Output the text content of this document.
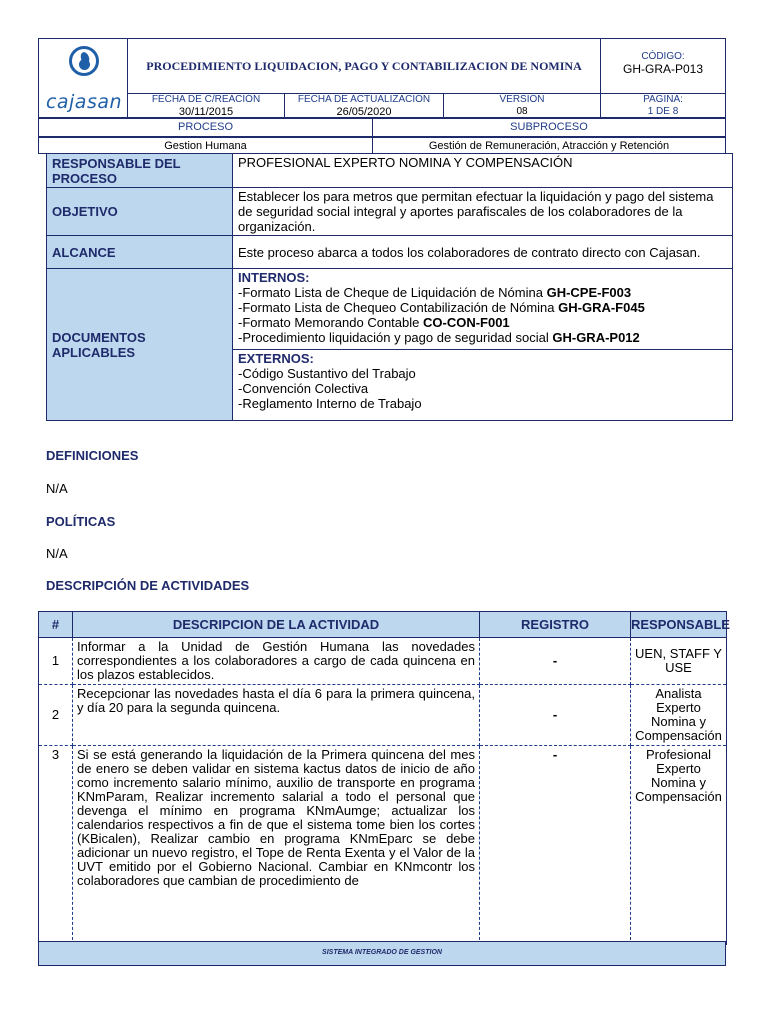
cajasan
PROCEDIMIENTO LIQUIDACION, PAGO Y CONTABILIZACION DE NOMINA
CÓDIGO:
GH-GRA-P013
FECHA DE C/REACIÓN
30/11/2015
FECHA DE ACTUALIZACIÓN
26/05/2020
VERSIÓN
08
PAGINA:
1 DE 8
PROCESO	SUBPROCESO
Gestion Humana	Gestión de Remuneración, Atracción y Retención
RESPONSABLE DEL PROCESO	PROFESIONAL EXPERTO NOMINA Y COMPENSACIÓN
OBJETIVO	Establecer los para metros que permitan efectuar la liquidación y pago del sistema de seguridad social integral y aportes parafiscales de los colaboradores de la organización.
ALCANCE	Este proceso abarca a todos los colaboradores de contrato directo con Cajasan.
DOCUMENTOS APLICABLES	INTERNOS:
-Formato Lista de Cheque de Liquidación de Nómina GH-CPE-F003
-Formato Lista de Chequeo Contabilización de Nómina GH-GRA-F045
-Formato Memorando Contable CO-CON-F001
-Procedimiento liquidación y pago de seguridad social GH-GRA-P012

	EXTERNOS:
-Código Sustantivo del Trabajo
-Convención Colectiva
-Reglamento Interno de Trabajo
DEFINICIONES
N/A
POLÍTICAS
N/A
DESCRIPCIÓN DE ACTIVIDADES
#	DESCRIPCION DE LA ACTIVIDAD	REGISTRO	RESPONSABLE
1	Informar a la Unidad de Gestión Humana las novedades correspondientes a los colaboradores a cargo de cada quincena en los plazos establecidos.	-	UEN, STAFF Y USE
2	Recepcionar las novedades hasta el día 6 para la primera quincena, y día 20 para la segunda quincena.	-	Analista Experto Nomina y Compensación
3	Si se está generando la liquidación de la Primera quincena del mes de enero se deben validar en sistema kactus datos de inicio de año como incremento salario mínimo, auxilio de transporte en programa KNmParam, Realizar incremento salarial a todo el personal que devenga el mínimo en programa KNmAumge; actualizar los calendarios respectivos a fin de que el sistema tome bien los cortes (KBicalen), Realizar cambio en programa KNmEparc se debe adicionar un nuevo registro, el Tope de Renta Exenta y el Valor de la UVT emitido por el Gobierno Nacional. Cambiar en KNmcontr los colaboradores que cambian de procedimiento de	-	Profesional Experto Nomina y Compensación
SISTEMA INTEGRADO DE GESTION
